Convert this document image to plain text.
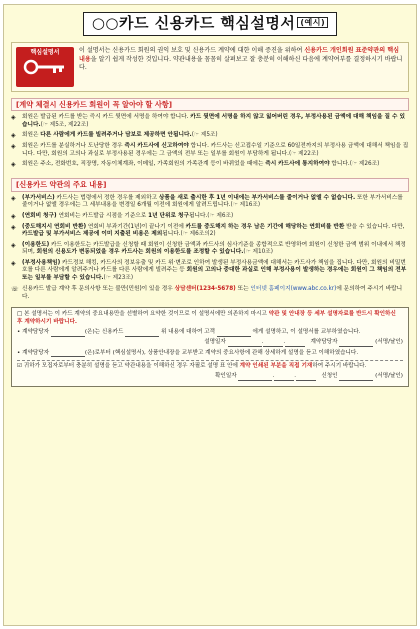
○○카드 신용카드 핵심설명서 (예시)
핵심설명서	이 설명서는 신용카드 회원의 권익 보호 및 신용카드 계약에 대한 이해 증진을 위하여 신용카드 개인회원 표준약관의 핵심내용을 알기 쉽게 작성한 것입니다. 약관내용을 꼼꼼히 살펴보고 잘 충분히 이해하신 다음에 계약여부를 결정하시기 바랍니다.
[계약 체결시 신용카드 회원이 꼭 알아야 할 사항]
◈	회원은 발급된 카드를 받는 즉시 카드 뒷면에 서명을 하여야 합니다. 카드 뒷면에 서명을 하지 않고 잃어버린 경우, 부정사용된 금액에 대해 책임을 질 수 있습니다.(☞ 제5조, 제22조)
◈	회원은 다른 사람에게 카드를 빌려주거나 담보로 제공하면 안됩니다.(☞ 제5조)
◈	회원은 카드를 분실하거나 도난당한 경우 즉시 카드사에 신고하여야 합니다. 카드사는 신고접수일 기준으로 60일전까지의 부정사용 금액에 대해서 책임을 집니다. 다만, 회원의 고의나 과실로 부정사용된 경우에는 그 금액의 전부 또는 일부를 회원이 부담하게 됩니다.(☞ 제22조)
◈	회원은 주소, 전화번호, 직장명, 자동이체계좌, 이메일, 가족회원의 가족관계 등이 바뀌었을 때에는 즉시 카드사에 통지하여야 합니다.(☞ 제26조)
[신용카드 약관의 주요 내용]
◈	(부가서비스) 카드사는 법령에서 정한 경우를 제외하고 상품을 새로 출시한 후 1년 이내에는 부가서비스를 줄이거나 없앨 수 없습니다. 또한 부가서비스를 줄이거나 없앨 경우에는 그 세부내용을 변경일 6개월 이전에 회원에게 알려드립니다.(☞ 제16조)
◈	(연회비 청구) 연회비는 카드발급 시점을 기준으로 1년 단위로 청구됩니다.(☞ 제6조)
◈	(중도해지시 연회비 반환) 연회비 부과기간(1년)이 끝나기 이전에 카드를 중도해지 하는 경우 남은 기간에 해당하는 연회비를 반환 받을 수 있습니다. 다만, 카드발급 및 부가서비스 제공에 이미 지출된 비용은 제외됩니다.(☞ 제6조의2)
◈	(이용한도) 카드 이용한도는 카드발급을 신청할 때 회원이 신청한 금액과 카드사의 심사기준을 종합적으로 반영하여 회원이 신청한 금액 범위 이내에서 책정되며, 회원의 신용도가 변동되었을 경우 카드사는 회원의 이용한도를 조정할 수 있습니다.(☞ 제10조)
◈	(부정사용책임) 카드정보 해킹, 카드사의 정보유출 및 카드 위·변조로 인하여 발생된 부정사용금액에 대해서는 카드사가 책임을 집니다. 다만, 회원의 비밀번호를 다른 사람에게 알려주거나 카드를 다른 사람에게 빌려주는 등 회원의 고의나 중대한 과실로 인해 부정사용이 발생하는 경우에는 회원이 그 책임의 전부 또는 일부를 부담할 수 있습니다.(☞ 제23조)
☏ 신용카드 발급 계약 후 문의사항 또는 불만(민원)이 있을 경우 상담센터(1234-5678) 또는 인터넷 홈페이지(www.abc.co.kr)에 문의하여 주시기 바랍니다.
□ 본 설명서는 이 카드 계약의 중요내용만을 선별하여 요약한 것이므로 이 설명서에만 의존하지 마시고 약관 및 안내장 등 세부 설명자료를 반드시 확인하신 후 계약하시기 바랍니다.
• 계약담당자	(은)는 신용카드	위 내용에 대하여 고객	에게 설명하고, 이 설명서를 교부하였습니다.
설명일자	.	.	계약담당자	(서명/날인)
• 계약담당자	(은)로부터 (핵심설명서), 상품안내장을 교부받고 계약의 중요사항에 관해 상세하게 설명을 듣고 이해하였습니다.
☑ 귀하가 모집자로부터 충분히 설명을 듣고 약관내용을 이해하신 경우 자필로 설명 표 안에 계약 인쇄된 부분을 직접 기재하여 주시기 바랍니다.
확인일자	.	.	신청인	(서명/날인)
